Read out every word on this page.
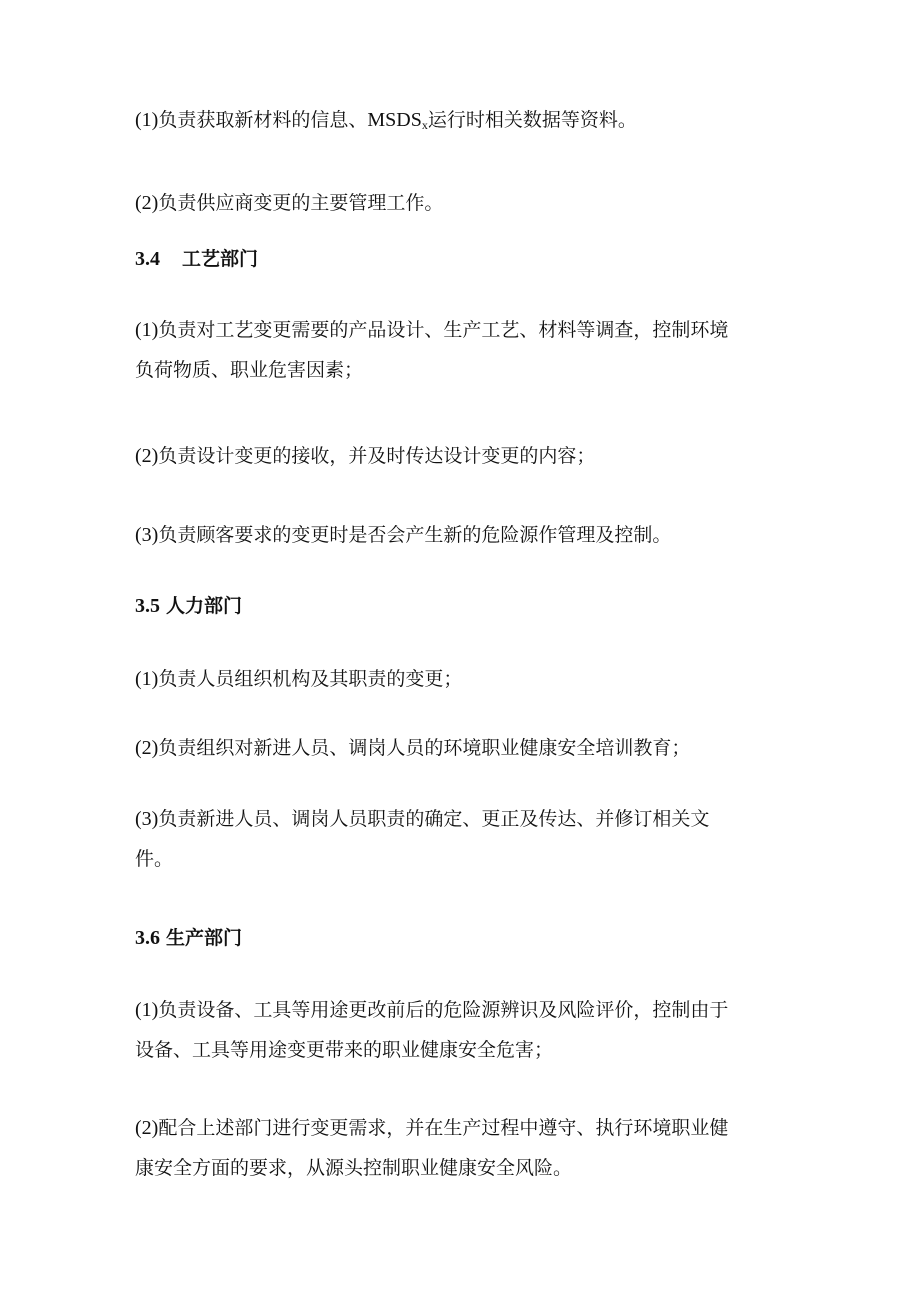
(1)负责获取新材料的信息、$MSDS_x$运行时相关数据等资料。
(2)负责供应商变更的主要管理工作。
3.4 工艺部门
(1)负责对工艺变更需要的产品设计、生产工艺、材料等调查，控制环境
负荷物质、职业危害因素；
(2)负责设计变更的接收，并及时传达设计变更的内容；
(3)负责顾客要求的变更时是否会产生新的危险源作管理及控制。
3.5 人力部门
(1)负责人员组织机构及其职责的变更；
(2)负责组织对新进人员、调岗人员的环境职业健康安全培训教育；
(3)负责新进人员、调岗人员职责的确定、更正及传达、并修订相关文
件。
3.6 生产部门
(1)负责设备、工具等用途更改前后的危险源辨识及风险评价，控制由于
设备、工具等用途变更带来的职业健康安全危害；
(2)配合上述部门进行变更需求，并在生产过程中遵守、执行环境职业健
康安全方面的要求，从源头控制职业健康安全风险。
